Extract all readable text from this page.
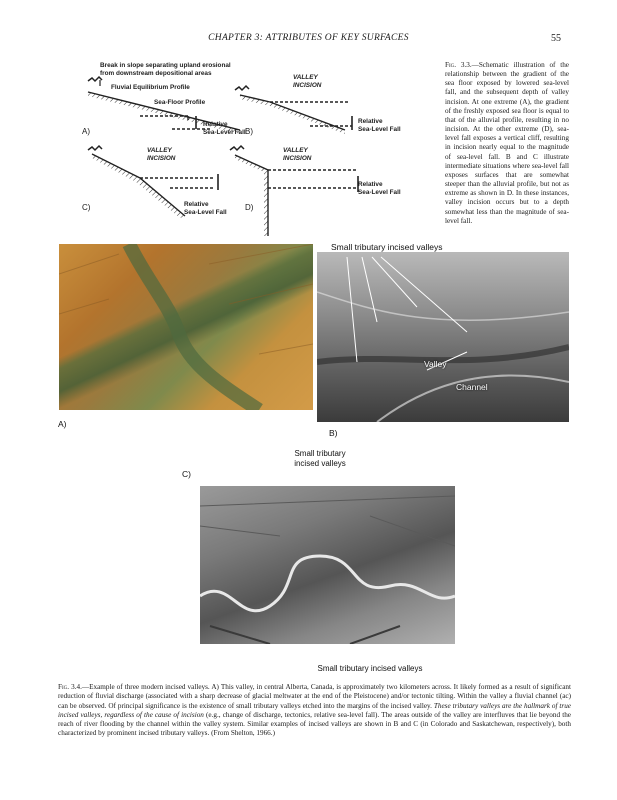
CHAPTER 3: ATTRIBUTES OF KEY SURFACES	55
Break in slope separating upland erosional
from downstream depositional areas
Fluvial Equilibrium Profile
Sea-Floor Profile
Relative
Sea-Level Fall
VALLEY
INCISION
Relative
Sea-Level Fall
VALLEY
INCISION
Relative
Sea-Level Fall
VALLEY
INCISION
Relative
Sea-Level Fall
A)	B)
C)	D)
Fig. 3.3.—Schematic illustration of the relationship between the gradient of the sea floor exposed by lowered sea-level fall, and the subsequent depth of valley incision. At one extreme (A), the gradient of the freshly exposed sea floor is equal to that of the alluvial profile, resulting in no incision. At the other extreme (D), sea-level fall exposes a vertical cliff, resulting in incision nearly equal to the magnitude of sea-level fall. B and C illustrate intermediate situations where sea-level fall exposes surfaces that are somewhat steeper than the alluvial profile, but not as extreme as shown in D. In these instances, valley incision occurs but to a depth somewhat less than the magnitude of sea-level fall.
A)
Small tributary incised valleys
Valley
Channel
B)
C)
Small tributary
incised valleys
Small tributary incised valleys
Fig. 3.4.—Example of three modern incised valleys. A) This valley, in central Alberta, Canada, is approximately two kilometers across. It likely formed as a result of significant reduction of fluvial discharge (associated with a sharp decrease of glacial meltwater at the end of the Pleistocene) and/or tectonic tilting. Within the valley a fluvial channel (ac) can be observed. Of principal significance is the existence of small tributary valleys etched into the margins of the incised valley. These tributary valleys are the hallmark of true incised valleys, regardless of the cause of incision (e.g., change of discharge, tectonics, relative sea-level fall). The areas outside of the valley are interfluves that lie beyond the reach of river flooding by the channel within the valley system. Similar examples of incised valleys are shown in B and C (in Colorado and Saskatchewan, respectively), both characterized by prominent incised tributary valleys. (From Shelton, 1966.)
